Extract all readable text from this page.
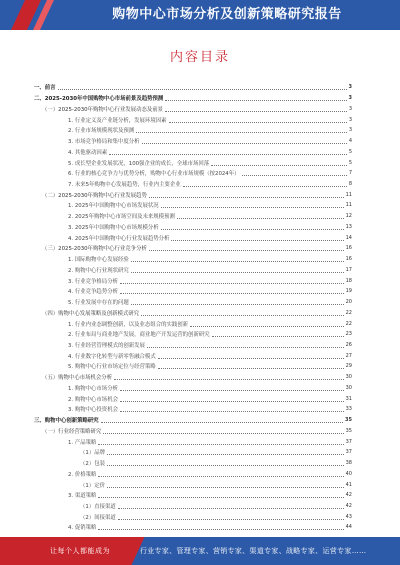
购物中心市场分析及创新策略研究报告
内容目录
一、前言	3
二、2025-2030年中国购物中心市场前景及趋势预测	3
（一）2025-2030年购物中心行业发展动态及前景	3
1. 行业定义及产业链分析，发展环境因素	3
2. 行业市场规模现状及预测	3
3. 市场竞争格局和集中度分析	4
4. 其他驱动因素	5
5. 成长型企业发展状况，100强企业的成长，全球市场回落	5
6. 行业的核心竞争力与优势分析，购物中心行业市场规模（按2024年）	7
7. 未来5年购物中心发展趋势，行业内主要企业	8
（二）2025-2030年购物中心行业发展趋势	11
1. 2025年中国购物中心市场发展状况	11
2. 2025年购物中心市场空间及未来规模预测	12
3. 2025年中国购物中心市场规模分析	13
4. 2025年中国购物中心行业发展趋势分析	14
（三）2025-2030年购物中心行业竞争分析	16
1. 国际购物中心发展经验	16
2. 购物中心行业现状研究	17
3. 行业竞争格局分析	18
4. 行业竞争趋势分析	19
5. 行业发展中存在的问题	20
（四）购物中心发展策略及创新模式研究	22
1. 行业内业态调整创新，以及业态组合的实践创新	22
2. 行业布局与商业地产发展，商业地产开发运营的创新研究	23
3. 行业经营管理模式的创新发展	26
4. 行业数字化转型与新零售融合模式	27
5. 购物中心行业市场定位与经营策略	29
（五）购物中心市场机会分析	30
1. 购物中心市场分析	30
2. 购物中心市场机会	31
3. 购物中心投资机会	33
三、购物中心创新策略研究	35
（一）行业经营策略研究	35
1. 产品策略	37
（1）品牌	37
（2）包装	38
2. 价格策略	40
（1）定价	41
3. 渠道策略	42
（1）直接渠道	42
（2）间接渠道	43
4. 促销策略	44
让每个人都能成为	行业专家、管理专家、营销专家、渠道专家、战略专家、运营专家……
